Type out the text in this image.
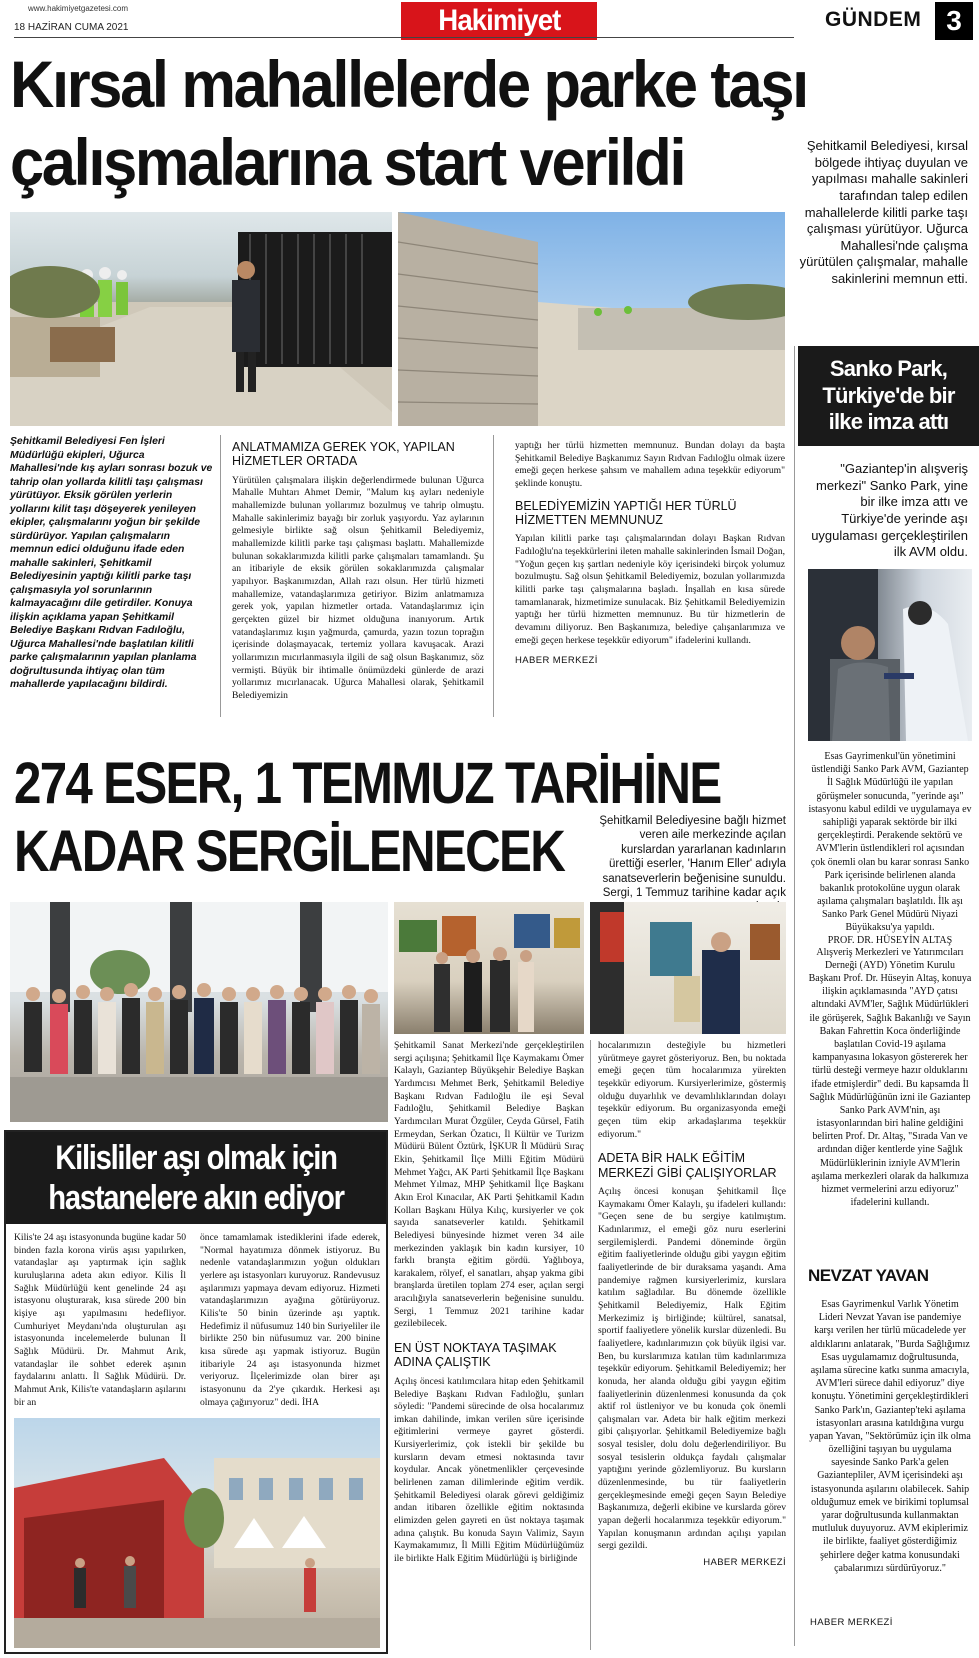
www.hakimiyetgazetesi.com
18 HAZİRAN CUMA 2021	Hakimiyet	GÜNDEM 3
Kırsal mahallelerde parke taşı
çalışmalarına start verildi	Şehitkamil Belediyesi, kırsal bölgede ihtiyaç duyulan ve yapılması mahalle sakinleri tarafından talep edilen mahallelerde kilitli parke taşı çalışması yürütüyor. Uğurca Mahallesi'nde çalışma yürütülen çalışmalar, mahalle sakinlerini memnun etti.
Şehitkamil Belediyesi Fen İşleri Müdürlüğü ekipleri, Uğurca Mahallesi'nde kış ayları sonrası bozuk ve tahrip olan yollarda kilitli taşı çalışması yürütüyor. Eksik görülen yerlerin yollarını kilit taşı döşeyerek yenileyen ekipler, çalışmalarını yoğun bir şekilde sürdürüyor. Yapılan çalışmaların memnun edici olduğunu ifade eden mahalle sakinleri, Şehitkamil Belediyesinin yaptığı kilitli parke taşı çalışmasıyla yol sorunlarının kalmayacağını dile getirdiler. Konuya ilişkin açıklama yapan Şehitkamil Belediye Başkanı Rıdvan Fadıloğlu, Uğurca Mahallesi'nde başlatılan kilitli parke çalışmalarının yapılan planlama doğrultusunda ihtiyaç olan tüm mahallerde yapılacağını bildirdi.
ANLATMAMIZA GEREK YOK, YAPILAN HİZMETLER ORTADA
Yürütülen çalışmalara ilişkin değerlendirmede bulunan Uğurca Mahalle Muhtarı Ahmet Demir, "Malum kış ayları nedeniyle mahallemizde bulunan yollarımız bozulmuş ve tahrip olmuştu. Mahalle sakinlerimiz bayağı bir zorluk yaşıyordu. Yaz aylarının gelmesiyle birlikte sağ olsun Şehitkamil Belediyemiz, mahallemizde kilitli parke taşı çalışması başlattı. Mahallemizde bulunan sokaklarımızda kilitli parke çalışmaları tamamlandı. Şu an itibariyle de eksik görülen sokaklarımızda çalışmalar yapılıyor. Başkanımızdan, Allah razı olsun. Her türlü hizmeti mahallemize, vatandaşlarımıza getiriyor. Bizim anlatmamıza gerek yok, yapılan hizmetler ortada. Vatandaşlarımız için gerçekten güzel bir hizmet olduğuna inanıyorum. Artık vatandaşlarımız kışın yağmurda, çamurda, yazın tozun toprağın içerisinde dolaşmayacak, tertemiz yollara kavuşacak. Arazi yollarımızın mıcırlanmasıyla ilgili de sağ olsun Başkanımız, söz vermişti. Büyük bir ihtimalle önümüzdeki günlerde de arazi yollarımız mıcırlanacak. Uğurca Mahallesi olarak, Şehitkamil Belediyemizin
yaptığı her türlü hizmetten memnunuz. Bundan dolayı da başta Şehitkamil Belediye Başkanımız Sayın Rıdvan Fadıloğlu olmak üzere emeği geçen herkese şahsım ve mahallem adına teşekkür ediyorum" şeklinde konuştu.
BELEDİYEMİZİN YAPTIĞI HER TÜRLÜ HİZMETTEN MEMNUNUZ
Yapılan kilitli parke taşı çalışmalarından dolayı Başkan Rıdvan Fadıloğlu'na teşekkürlerini ileten mahalle sakinlerinden İsmail Doğan, "Yoğun geçen kış şartları nedeniyle köy içerisindeki birçok yolumuz bozulmuştu. Sağ olsun Şehitkamil Belediyemiz, bozulan yollarımızda kilitli parke taşı çalışmalarına başladı. İnşallah en kısa sürede tamamlanarak, hizmetimize sunulacak. Biz Şehitkamil Belediyemizin yaptığı her türlü hizmetten memnunuz. Bu tür hizmetlerin de devamını diliyoruz. Ben Başkanımıza, belediye çalışanlarımıza ve emeği geçen herkese teşekkür ediyorum" ifadelerini kullandı.
HABER MERKEZİ
Sanko Park, Türkiye'de bir ilke imza attı
"Gaziantep'in alışveriş merkezi" Sanko Park, yine bir ilke imza attı ve Türkiye'de yerinde aşı uygulaması gerçekleştirilen ilk AVM oldu.
Esas Gayrimenkul'ün yönetimini üstlendiği Sanko Park AVM, Gaziantep İl Sağlık Müdürlüğü ile yapılan görüşmeler sonucunda, "yerinde aşı" istasyonu kabul edildi ve uygulamaya ev sahipliği yaparak sektörde bir ilki gerçekleştirdi. Perakende sektörü ve AVM'lerin üstlendikleri rol açısından çok önemli olan bu karar sonrası Sanko Park içerisinde belirlenen alanda bakanlık protokolüne uygun olarak aşılama çalışmaları başlatıldı. İlk aşı Sanko Park Genel Müdürü Niyazi Büyükaksu'ya yapıldı.
PROF. DR. HÜSEYİN ALTAŞ
Alışveriş Merkezleri ve Yatırımcıları Derneği (AYD) Yönetim Kurulu Başkanı Prof. Dr. Hüseyin Altaş, konuya ilişkin açıklamasında "AYD çatısı altındaki AVM'ler, Sağlık Müdürlükleri ile görüşerek, Sağlık Bakanlığı ve Sayın Bakan Fahrettin Koca önderliğinde başlatılan Covid-19 aşılama kampanyasına lokasyon göstererek her türlü desteği vermeye hazır olduklarını ifade etmişlerdir" dedi. Bu kapsamda İl Sağlık Müdürlüğünün izni ile Gaziantep Sanko Park AVM'nin, aşı istasyonlarından biri haline geldiğini belirten Prof. Dr. Altaş, "Sırada Van ve ardından diğer kentlerde yine Sağlık Müdürlüklerinin izniyle AVM'lerin aşılama merkezleri olarak da halkımıza hizmet vermelerini arzu ediyoruz" ifadelerini kullandı.
NEVZAT YAVAN
Esas Gayrimenkul Varlık Yönetim Lideri Nevzat Yavan ise pandemiye karşı verilen her türlü mücadelede yer aldıklarını anlatarak, "Burda Sağlığımız Esas uygulamamız doğrultusunda, aşılama sürecine katkı sunma amacıyla, AVM'leri sürece dahil ediyoruz" diye konuştu. Yönetimini gerçekleştirdikleri Sanko Park'ın, Gaziantep'teki aşılama istasyonları arasına katıldığına vurgu yapan Yavan, "Sektörümüz için ilk olma özelliğini taşıyan bu uygulama sayesinde Sanko Park'a gelen Gaziantepliler, AVM içerisindeki aşı istasyonunda aşılarını olabilecek. Sahip olduğumuz emek ve birikimi toplumsal yarar doğrultusunda kullanmaktan mutluluk duyuyoruz. AVM ekiplerimiz ile birlikte, faaliyet gösterdiğimiz şehirlere değer katma konusundaki çabalarımızı sürdürüyoruz."
HABER MERKEZİ
274 ESER, 1 TEMMUZ TARİHİNE
KADAR SERGİLENECEK	Şehitkamil Belediyesine bağlı hizmet veren aile merkezinde açılan kurslardan yararlanan kadınların ürettiği eserler, 'Hanım Eller' adıyla sanatseverlerin beğenisine sunuldu. Sergi, 1 Temmuz tarihine kadar açık
Şehitkamil Sanat Merkezi'nde gerçekleştirilen sergi açılışına; Şehitkamil İlçe Kaymakamı Ömer Kalaylı, Gaziantep Büyükşehir Belediye Başkan Yardımcısı Mehmet Berk, Şehitkamil Belediye Başkanı Rıdvan Fadıloğlu ile eşi Seval Fadıloğlu, Şehitkamil Belediye Başkan Yardımcıları Murat Özgüler, Ceyda Gürsel, Fatih Ermeydan, Serkan Özatıcı, İl Kültür ve Turizm Müdürü Bülent Öztürk, İŞKUR İl Müdürü Sıraç Ekin, Şehitkamil İlçe Milli Eğitim Müdürü Mehmet Yağcı, AK Parti Şehitkamil İlçe Başkanı Mehmet Yılmaz, MHP Şehitkamil İlçe Başkanı Akın Erol Kınacılar, AK Parti Şehitkamil Kadın Kolları Başkanı Hülya Kılıç, kursiyerler ve çok sayıda sanatseverler katıldı. Şehitkamil Belediyesi bünyesinde hizmet veren 34 aile merkezinden yaklaşık bin kadın kursiyer, 10 farklı branşta eğitim gördü. Yağlıboya, karakalem, rölyef, el sanatları, ahşap yakma gibi branşlarda üretilen toplam 274 eser, açılan sergi aracılığıyla sanatseverlerin beğenisine sunuldu. Sergi, 1 Temmuz 2021 tarihine kadar gezilebilecek.
EN ÜST NOKTAYA TAŞIMAK ADINA ÇALIŞTIK
Açılış öncesi katılımcılara hitap eden Şehitkamil Belediye Başkanı Rıdvan Fadıloğlu, şunları söyledi: "Pandemi sürecinde de olsa hocalarımız imkan dahilinde, imkan verilen süre içerisinde eğitimlerini vermeye gayret gösterdi. Kursiyerlerimiz, çok istekli bir şekilde bu kursların devam etmesi noktasında tavır koydular. Ancak yönetmenlikler çerçevesinde belirlenen zaman dilimlerinde eğitim verdik. Şehitkamil Belediyesi olarak görevi geldiğimiz andan itibaren özellikle eğitim noktasında elimizden gelen gayreti en üst noktaya taşımak adına çalıştık. Bu konuda Sayın Valimiz, Sayın Kaymakamımız, İl Milli Eğitim Müdürlüğümüz ile birlikte Halk Eğitim Müdürlüğü iş birliğinde
hocalarımızın desteğiyle bu hizmetleri yürütmeye gayret gösteriyoruz. Ben, bu noktada emeği geçen tüm hocalarımıza yürekten teşekkür ediyorum. Kursiyerlerimize, göstermiş olduğu duyarlılık ve devamlılıklarından dolayı teşekkür ediyorum. Bu organizasyonda emeği geçen tüm ekip arkadaşlarıma teşekkür ediyorum."
ADETA BİR HALK EĞİTİM MERKEZİ GİBİ ÇALIŞIYORLAR
Açılış öncesi konuşan Şehitkamil İlçe Kaymakamı Ömer Kalaylı, şu ifadeleri kullandı: "Geçen sene de bu sergiye katılmıştım. Kadınlarımız, el emeği göz nuru eserlerini sergilemişlerdi. Pandemi döneminde örgün eğitim faaliyetlerinde olduğu gibi yaygın eğitim faaliyetlerinde de bir duraksama yaşandı. Ama pandemiye rağmen kursiyerlerimiz, kurslara katılım sağladılar. Bu dönemde özellikle Şehitkamil Belediyemiz, Halk Eğitim Merkezimiz iş birliğinde; kültürel, sanatsal, sportif faaliyetlere yönelik kurslar düzenledi. Bu faaliyetlere, kadınlarımızın çok büyük ilgisi var. Ben, bu kurslarımıza katılan tüm kadınlarımıza teşekkür ediyorum. Şehitkamil Belediyemiz; her konuda, her alanda olduğu gibi yaygın eğitim faaliyetlerinin düzenlenmesi konusunda da çok aktif rol üstleniyor ve bu konuda çok önemli çalışmaları var. Adeta bir halk eğitim merkezi gibi çalışıyorlar. Şehitkamil Belediyemize bağlı sosyal tesisler, dolu dolu değerlendiriliyor. Bu sosyal tesislerin oldukça faydalı çalışmalar yaptığını yerinde gözlemliyoruz. Bu kursların düzenlenmesinde, bu tür faaliyetlerin gerçekleşmesinde emeği geçen Sayın Belediye Başkanımıza, değerli ekibine ve kurslarda görev yapan değerli hocalarımıza teşekkür ediyorum." Yapılan konuşmanın ardından açılışı yapılan sergi gezildi.
HABER MERKEZİ
Kilisliler aşı olmak için
hastanelere akın ediyor
Kilis'te 24 aşı istasyonunda bugüne kadar 50 binden fazla korona virüs aşısı yapılırken, vatandaşlar aşı yaptırmak için sağlık kuruluşlarına adeta akın ediyor. Kilis İl Sağlık Müdürlüğü kent genelinde 24 aşı istasyonu oluşturarak, kısa sürede 200 bin kişiye aşı yapılmasını hedefliyor. Cumhuriyet Meydanı'nda oluşturulan aşı istasyonunda incelemelerde bulunan İl Sağlık Müdürü. Dr. Mahmut Arık, vatandaşlar ile sohbet ederek aşının faydalarını anlattı. İl Sağlık Müdürü. Dr. Mahmut Arık, Kilis'te vatandaşların aşılarını bir an
önce tamamlamak istediklerini ifade ederek, "Normal hayatımıza dönmek istiyoruz. Bu nedenle vatandaşlarımızın yoğun oldukları yerlere aşı istasyonları kuruyoruz. Randevusuz aşılarımızı yapmaya devam ediyoruz. Hizmeti vatandaşlarımızın ayağına götürüyoruz. Kilis'te 50 binin üzerinde aşı yaptık. Hedefimiz il nüfusumuz 140 bin Suriyeliler ile birlikte 250 bin nüfusumuz var. 200 binine kısa sürede aşı yapmak istiyoruz. Bugün itibariyle 24 aşı istasyonunda hizmet veriyoruz. İlçelerimizde olan birer aşı istasyonunu da 2'ye çıkardık. Herkesi aşı olmaya çağırıyoruz" dedi. İHA
